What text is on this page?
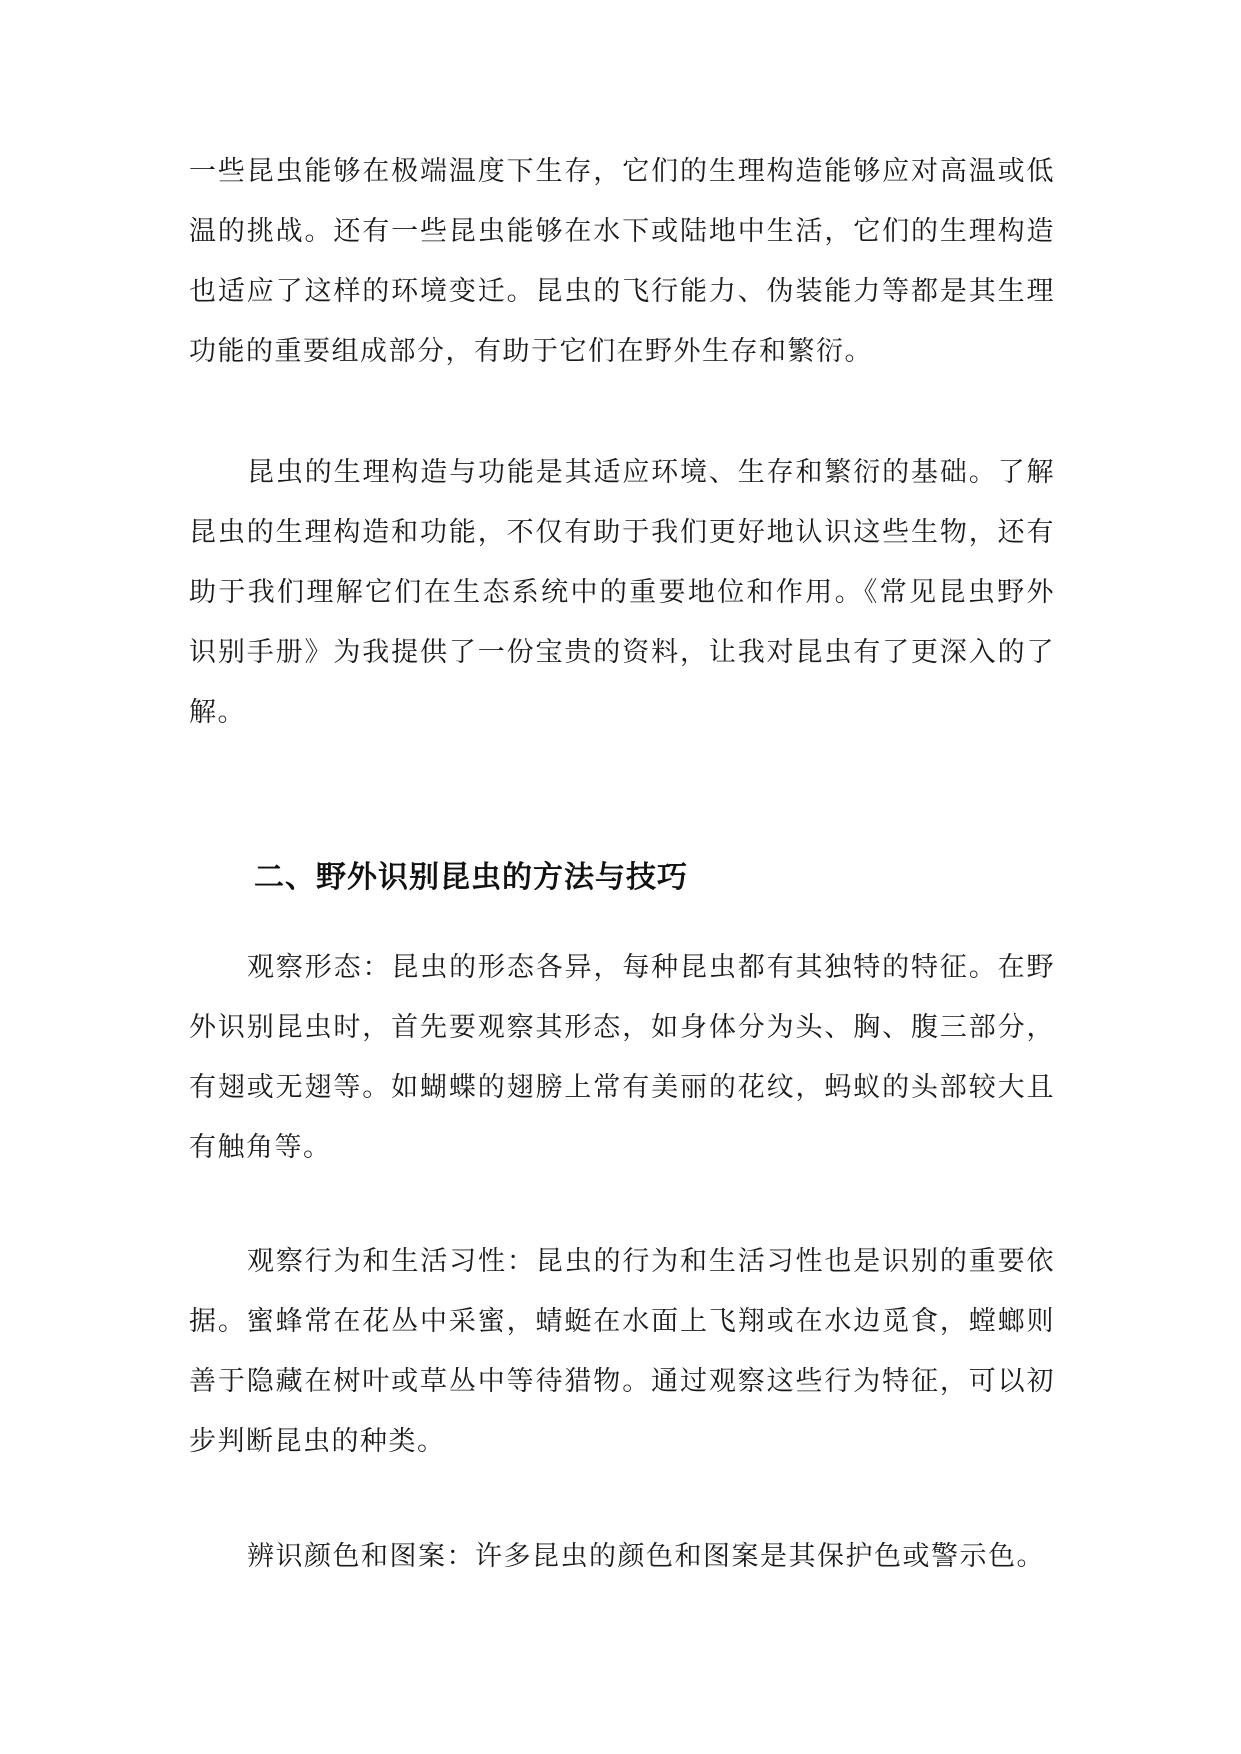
一些昆虫能够在极端温度下生存，它们的生理构造能够应对高温或低温的挑战。还有一些昆虫能够在水下或陆地中生活，它们的生理构造也适应了这样的环境变迁。昆虫的飞行能力、伪装能力等都是其生理功能的重要组成部分，有助于它们在野外生存和繁衍。

昆虫的生理构造与功能是其适应环境、生存和繁衍的基础。了解昆虫的生理构造和功能，不仅有助于我们更好地认识这些生物，还有助于我们理解它们在生态系统中的重要地位和作用。《常见昆虫野外识别手册》为我提供了一份宝贵的资料，让我对昆虫有了更深入的了解。

二、野外识别昆虫的方法与技巧

观察形态：昆虫的形态各异，每种昆虫都有其独特的特征。在野外识别昆虫时，首先要观察其形态，如身体分为头、胸、腹三部分，有翅或无翅等。如蝴蝶的翅膀上常有美丽的花纹，蚂蚁的头部较大且有触角等。

观察行为和生活习性：昆虫的行为和生活习性也是识别的重要依据。蜜蜂常在花丛中采蜜，蜻蜓在水面上飞翔或在水边觅食，螳螂则善于隐藏在树叶或草丛中等待猎物。通过观察这些行为特征，可以初步判断昆虫的种类。

辨识颜色和图案：许多昆虫的颜色和图案是其保护色或警示色。
